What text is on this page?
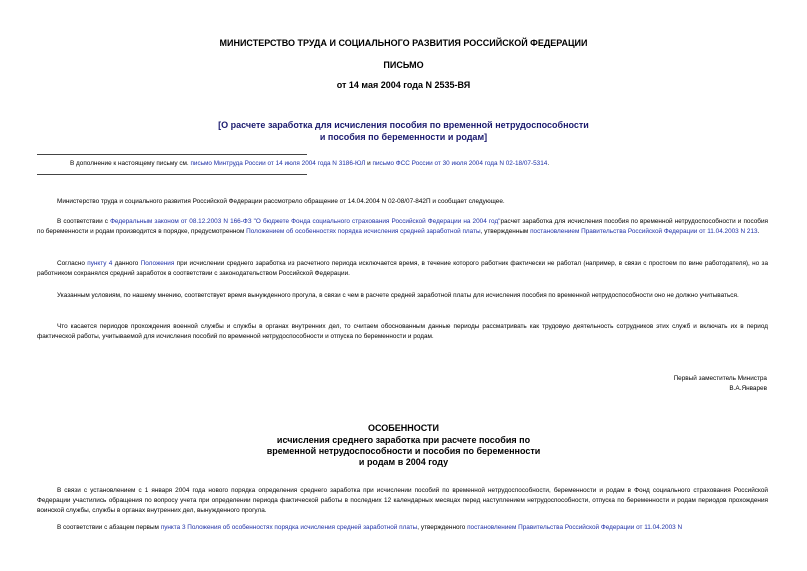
МИНИСТЕРСТВО ТРУДА И СОЦИАЛЬНОГО РАЗВИТИЯ РОССИЙСКОЙ ФЕДЕРАЦИИ
ПИСЬМО
от 14 мая 2004 года N 2535-ВЯ
[О расчете заработка для исчисления пособия по временной нетрудоспособности
и пособия по беременности и родам]
В дополнение к настоящему письму см. письмо Минтруда России от 14 июля 2004 года N 3186-ЮЛ и письмо ФСС России от 30 июля 2004 года N 02-18/07-5314.
Министерство труда и социального развития Российской Федерации рассмотрело обращение от 14.04.2004 N 02-08/07-842П и сообщает следующее.
В соответствии с Федеральным законом от 08.12.2003 N 166-ФЗ "О бюджете Фонда социального страхования Российской Федерации на 2004 год"расчет заработка для исчисления пособия по временной нетрудоспособности и пособия по беременности и родам производится в порядке, предусмотренном Положением об особенностях порядка исчисления средней заработной платы, утвержденным постановлением Правительства Российской Федерации от 11.04.2003 N 213.
Согласно пункту 4 данного Положения при исчислении среднего заработка из расчетного периода исключается время, в течение которого работник фактически не работал (например, в связи с простоем по вине работодателя), но за работником сохранялся средний заработок в соответствии с законодательством Российской Федерации.
Указанным условиям, по нашему мнению, соответствует время вынужденного прогула, в связи с чем в расчете средней заработной платы для исчисления пособия по временной нетрудоспособности оно не должно учитываться.
Что касается периодов прохождения военной службы и службы в органах внутренних дел, то считаем обоснованным данные периоды рассматривать как трудовую деятельность сотрудников этих служб и включать их в период фактической работы, учитываемой для исчисления пособий по временной нетрудоспособности и отпуска по беременности и родам.
Первый заместитель Министра
В.А.Январев
ОСОБЕННОСТИ
исчисления среднего заработка при расчете пособия по
временной нетрудоспособности и пособия по беременности
и родам в 2004 году
В связи с установлением с 1 января 2004 года нового порядка определения среднего заработка при исчислении пособий по временной нетрудоспособности, беременности и родам в Фонд социального страхования Российской Федерации участились обращения по вопросу учета при определении периода фактической работы в последних 12 календарных месяцах перед наступлением нетрудоспособности, отпуска по беременности и родам периодов прохождения воинской службы, службы в органах внутренних дел, вынужденного прогула.
В соответствии с абзацем первым пункта 3 Положения об особенностях порядка исчисления средней заработной платы, утвержденного постановлением Правительства Российской Федерации от 11.04.2003 N
